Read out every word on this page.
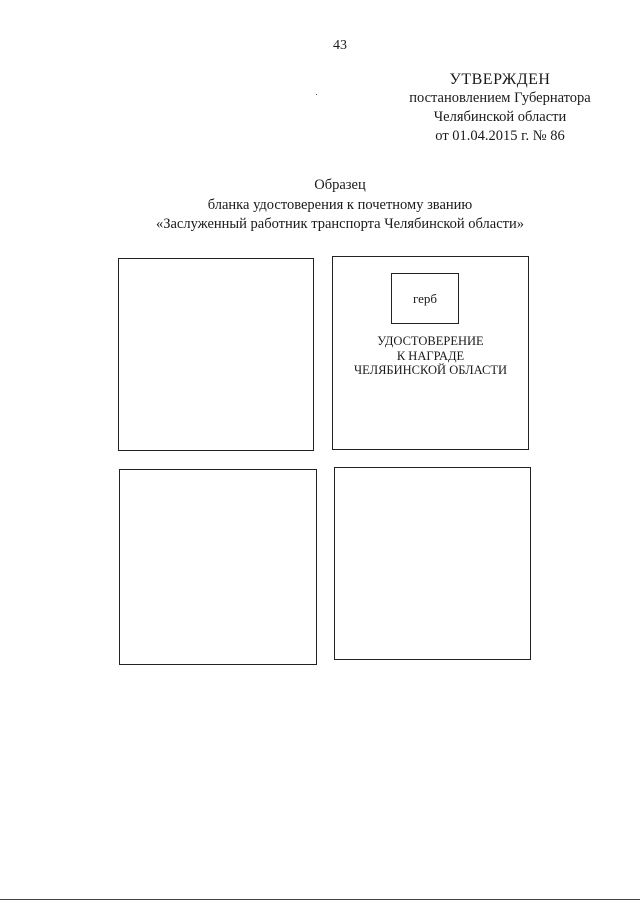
43
УТВЕРЖДЕН
постановлением Губернатора
Челябинской области
от 01.04.2015 г. № 86
Образец
бланка удостоверения к почетному званию
«Заслуженный работник транспорта Челябинской области»
герб
УДОСТОВЕРЕНИЕ
К НАГРАДЕ
ЧЕЛЯБИНСКОЙ ОБЛАСТИ
